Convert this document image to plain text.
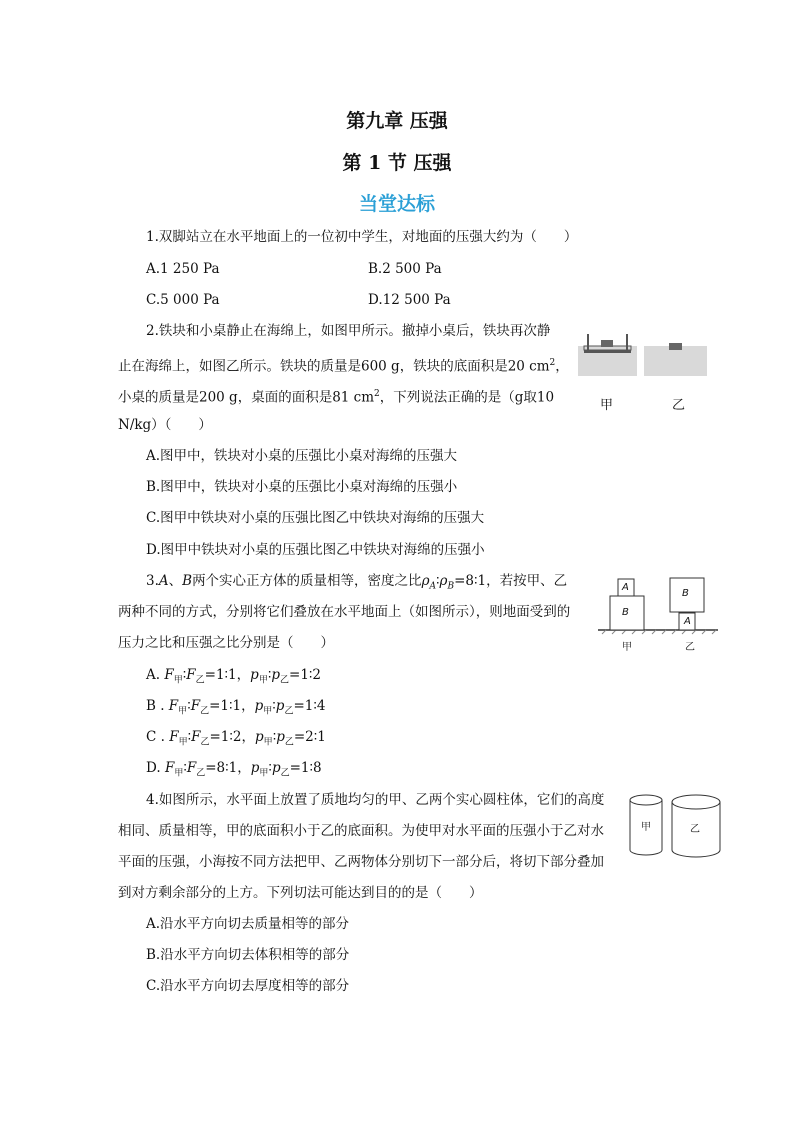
第九章 压强
第 1 节 压强
当堂达标
1.双脚站立在水平地面上的一位初中学生，对地面的压强大约为（　　）
A.1 250 Pa	B.2 500 Pa
C.5 000 Pa	D.12 500 Pa
2.铁块和小桌静止在海绵上，如图甲所示。撤掉小桌后，铁块再次静
止在海绵上，如图乙所示。铁块的质量是600 g，铁块的底面积是20 $cm^2$，
小桌的质量是200 g，桌面的面积是81 $cm^2$，下列说法正确的是（g取10
N/kg）（　　）
甲	乙
A.图甲中，铁块对小桌的压强比小桌对海绵的压强大
B.图甲中，铁块对小桌的压强比小桌对海绵的压强小
C.图甲中铁块对小桌的压强比图乙中铁块对海绵的压强大
D.图甲中铁块对小桌的压强比图乙中铁块对海绵的压强小
3.A、B两个实心正方体的质量相等，密度之比$\rho_A∶\rho_B=8∶1$，若按甲、乙
两种不同的方式，分别将它们叠放在水平地面上（如图所示），则地面受到的
压力之比和压强之比分别是（　　）
A
B
B
A
甲	乙
A. $F_甲∶F_乙=1∶1$，$p_甲∶p_乙=1∶2$
B . $F_甲∶F_乙=1∶1$，$p_甲∶p_乙=1∶4$
C . $F_甲∶F_乙=1∶2$，$p_甲∶p_乙=2∶1$
D. $F_甲∶F_乙=8∶1$，$p_甲∶p_乙=1∶8$
4.如图所示，水平面上放置了质地均匀的甲、乙两个实心圆柱体，它们的高度
相同、质量相等，甲的底面积小于乙的底面积。为使甲对水平面的压强小于乙对水
平面的压强，小海按不同方法把甲、乙两物体分别切下一部分后，将切下部分叠加
到对方剩余部分的上方。下列切法可能达到目的的是（　　）
甲	乙
A.沿水平方向切去质量相等的部分
B.沿水平方向切去体积相等的部分
C.沿水平方向切去厚度相等的部分
